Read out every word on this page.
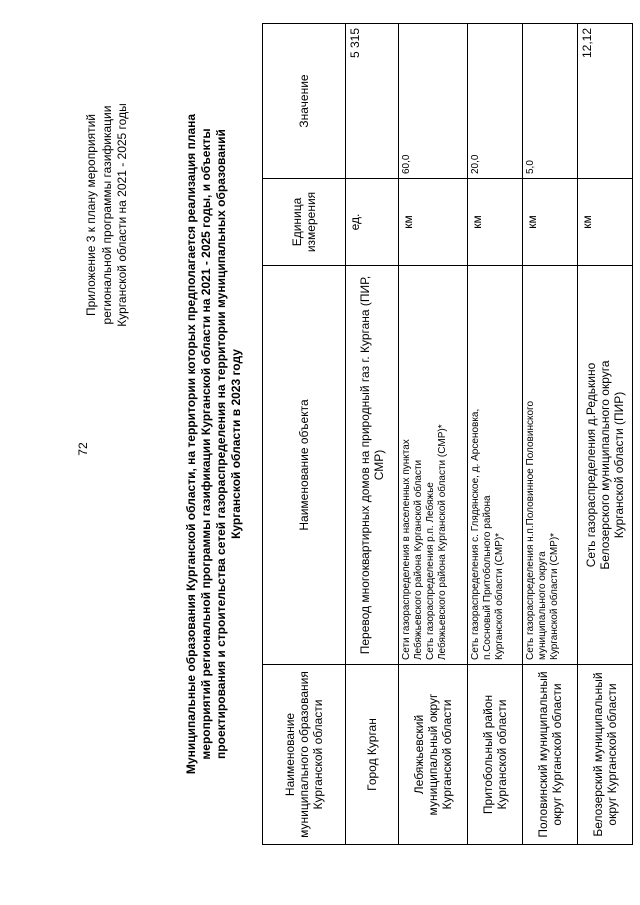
72
Приложение 3 к плану мероприятий региональной программы газификации Курганской области на 2021 - 2025 годы	Муниципальные образования Курганской области, на территории которых предполагается реализация плана мероприятий региональной программы газификации Курганской области на 2021 - 2025 годы, и объекты проектирования и строительства сетей газораспределения на территории муниципальных образований Курганской области в 2023 году
Наименование муниципального образования Курганской области	Наименование объекта	Единица измерения	Значение
Город Курган	Перевод многоквартирных домов на природный газ г. Кургана (ПИР, СМР)	ед.	5 315
Лебяжьевский муниципальный округ Курганской области	Сети газораспределения в населенных пунктах Лебяжьевского района Курганской области Сеть газораспределения р.п. Лебяжье Лебяжьевского района Курганской области (СМР)*	км	60,0
Притобольный район Курганской области	Сеть газораспределения с. Глядянское, д. Арсеновка, п.Сосновый Притобольного района Курганской области (СМР)*	км	20,0
Половинский муниципальный округ Курганской области	Сеть газораспределения н.п.Половинное Половинского муниципального округа Курганской области (СМР)*	км	5,0
Белозерский муниципальный округ Курганской области	Сеть газораспределения д.Редькино Белозерского муниципального округа Курганской области (ПИР)	км	12,12
